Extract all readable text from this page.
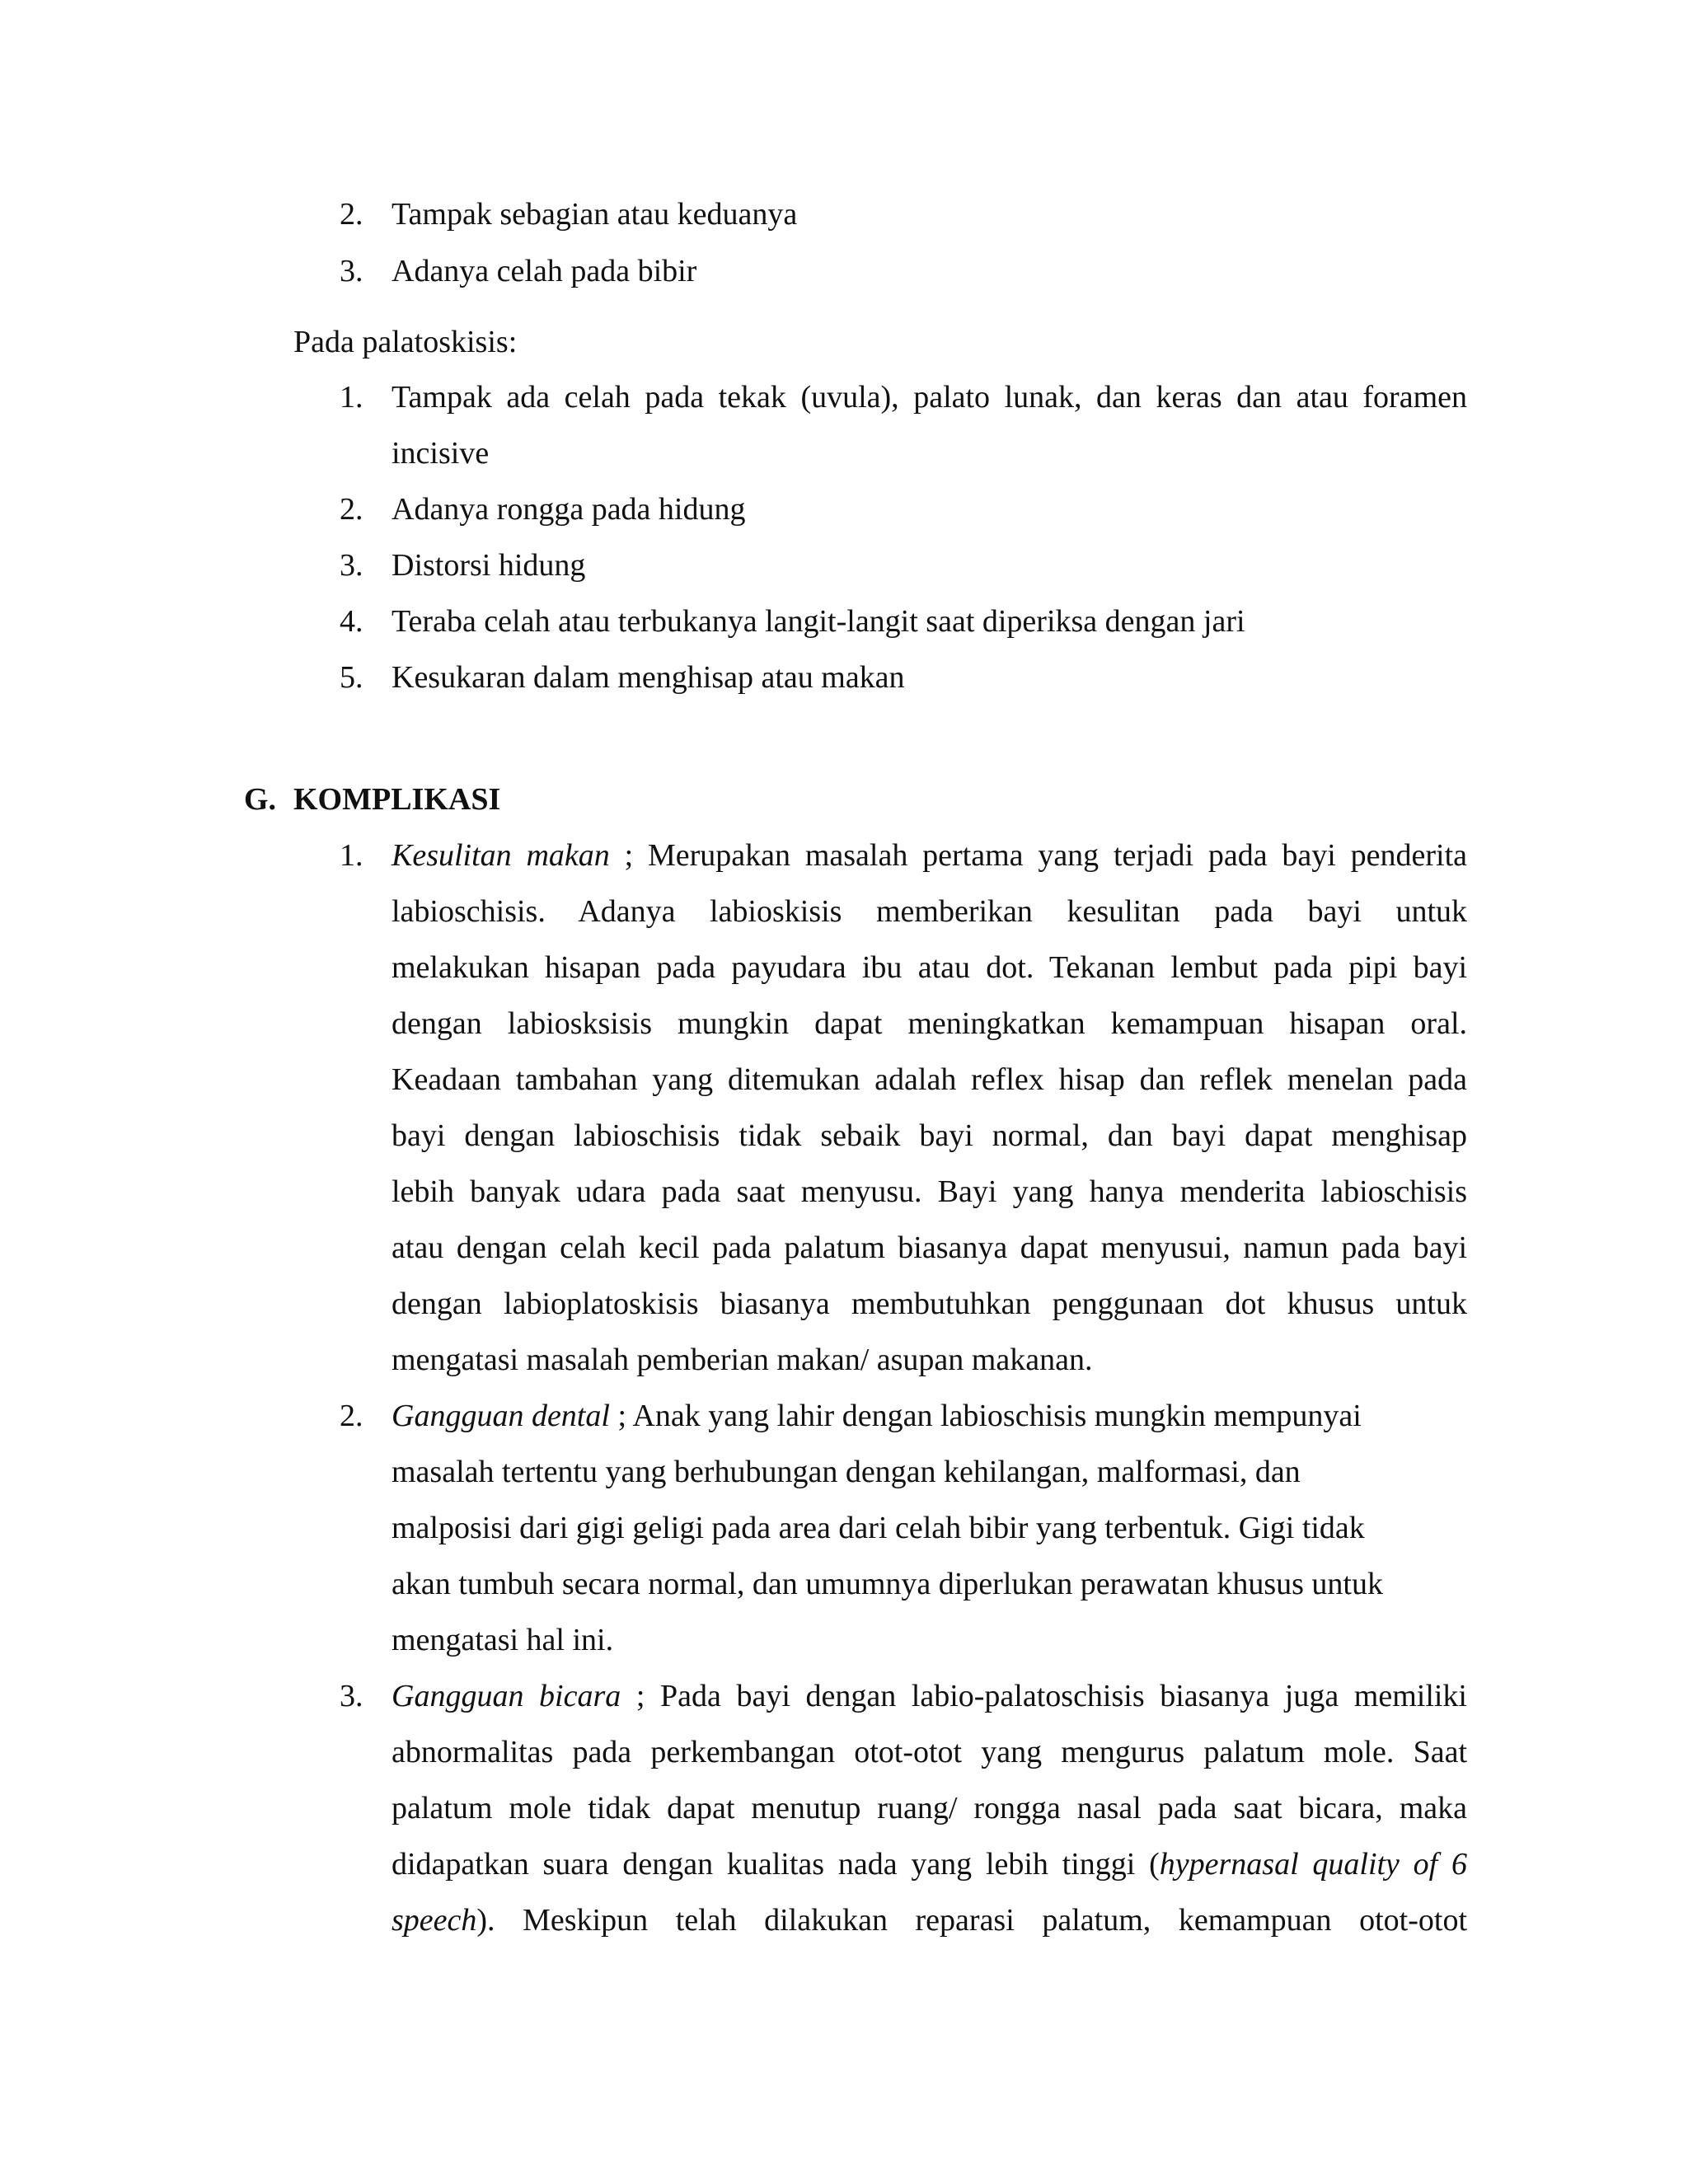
2. Tampak sebagian atau keduanya
3. Adanya celah pada bibir
Pada palatoskisis:
1. Tampak ada celah pada tekak (uvula), palato lunak, dan keras dan atau foramen
incisive
2. Adanya rongga pada hidung
3. Distorsi hidung
4. Teraba celah atau terbukanya langit-langit saat diperiksa dengan jari
5. Kesukaran dalam menghisap atau makan
G. KOMPLIKASI
1. Kesulitan makan ; Merupakan masalah pertama yang terjadi pada bayi penderita
labioschisis. Adanya labioskisis memberikan kesulitan pada bayi untuk
melakukan hisapan pada payudara ibu atau dot. Tekanan lembut pada pipi bayi
dengan labiosksisis mungkin dapat meningkatkan kemampuan hisapan oral.
Keadaan tambahan yang ditemukan adalah reflex hisap dan reflek menelan pada
bayi dengan labioschisis tidak sebaik bayi normal, dan bayi dapat menghisap
lebih banyak udara pada saat menyusu. Bayi yang hanya menderita labioschisis
atau dengan celah kecil pada palatum biasanya dapat menyusui, namun pada bayi
dengan labioplatoskisis biasanya membutuhkan penggunaan dot khusus untuk
mengatasi masalah pemberian makan/ asupan makanan.
2. Gangguan dental ; Anak yang lahir dengan labioschisis mungkin mempunyai
masalah tertentu yang berhubungan dengan kehilangan, malformasi, dan
malposisi dari gigi geligi pada area dari celah bibir yang terbentuk. Gigi tidak
akan tumbuh secara normal, dan umumnya diperlukan perawatan khusus untuk
mengatasi hal ini.
3. Gangguan bicara ; Pada bayi dengan labio-palatoschisis biasanya juga memiliki
abnormalitas pada perkembangan otot-otot yang mengurus palatum mole. Saat
palatum mole tidak dapat menutup ruang/ rongga nasal pada saat bicara, maka
didapatkan suara dengan kualitas nada yang lebih tinggi (hypernasal quality of 6
speech). Meskipun telah dilakukan reparasi palatum, kemampuan otot-otot
